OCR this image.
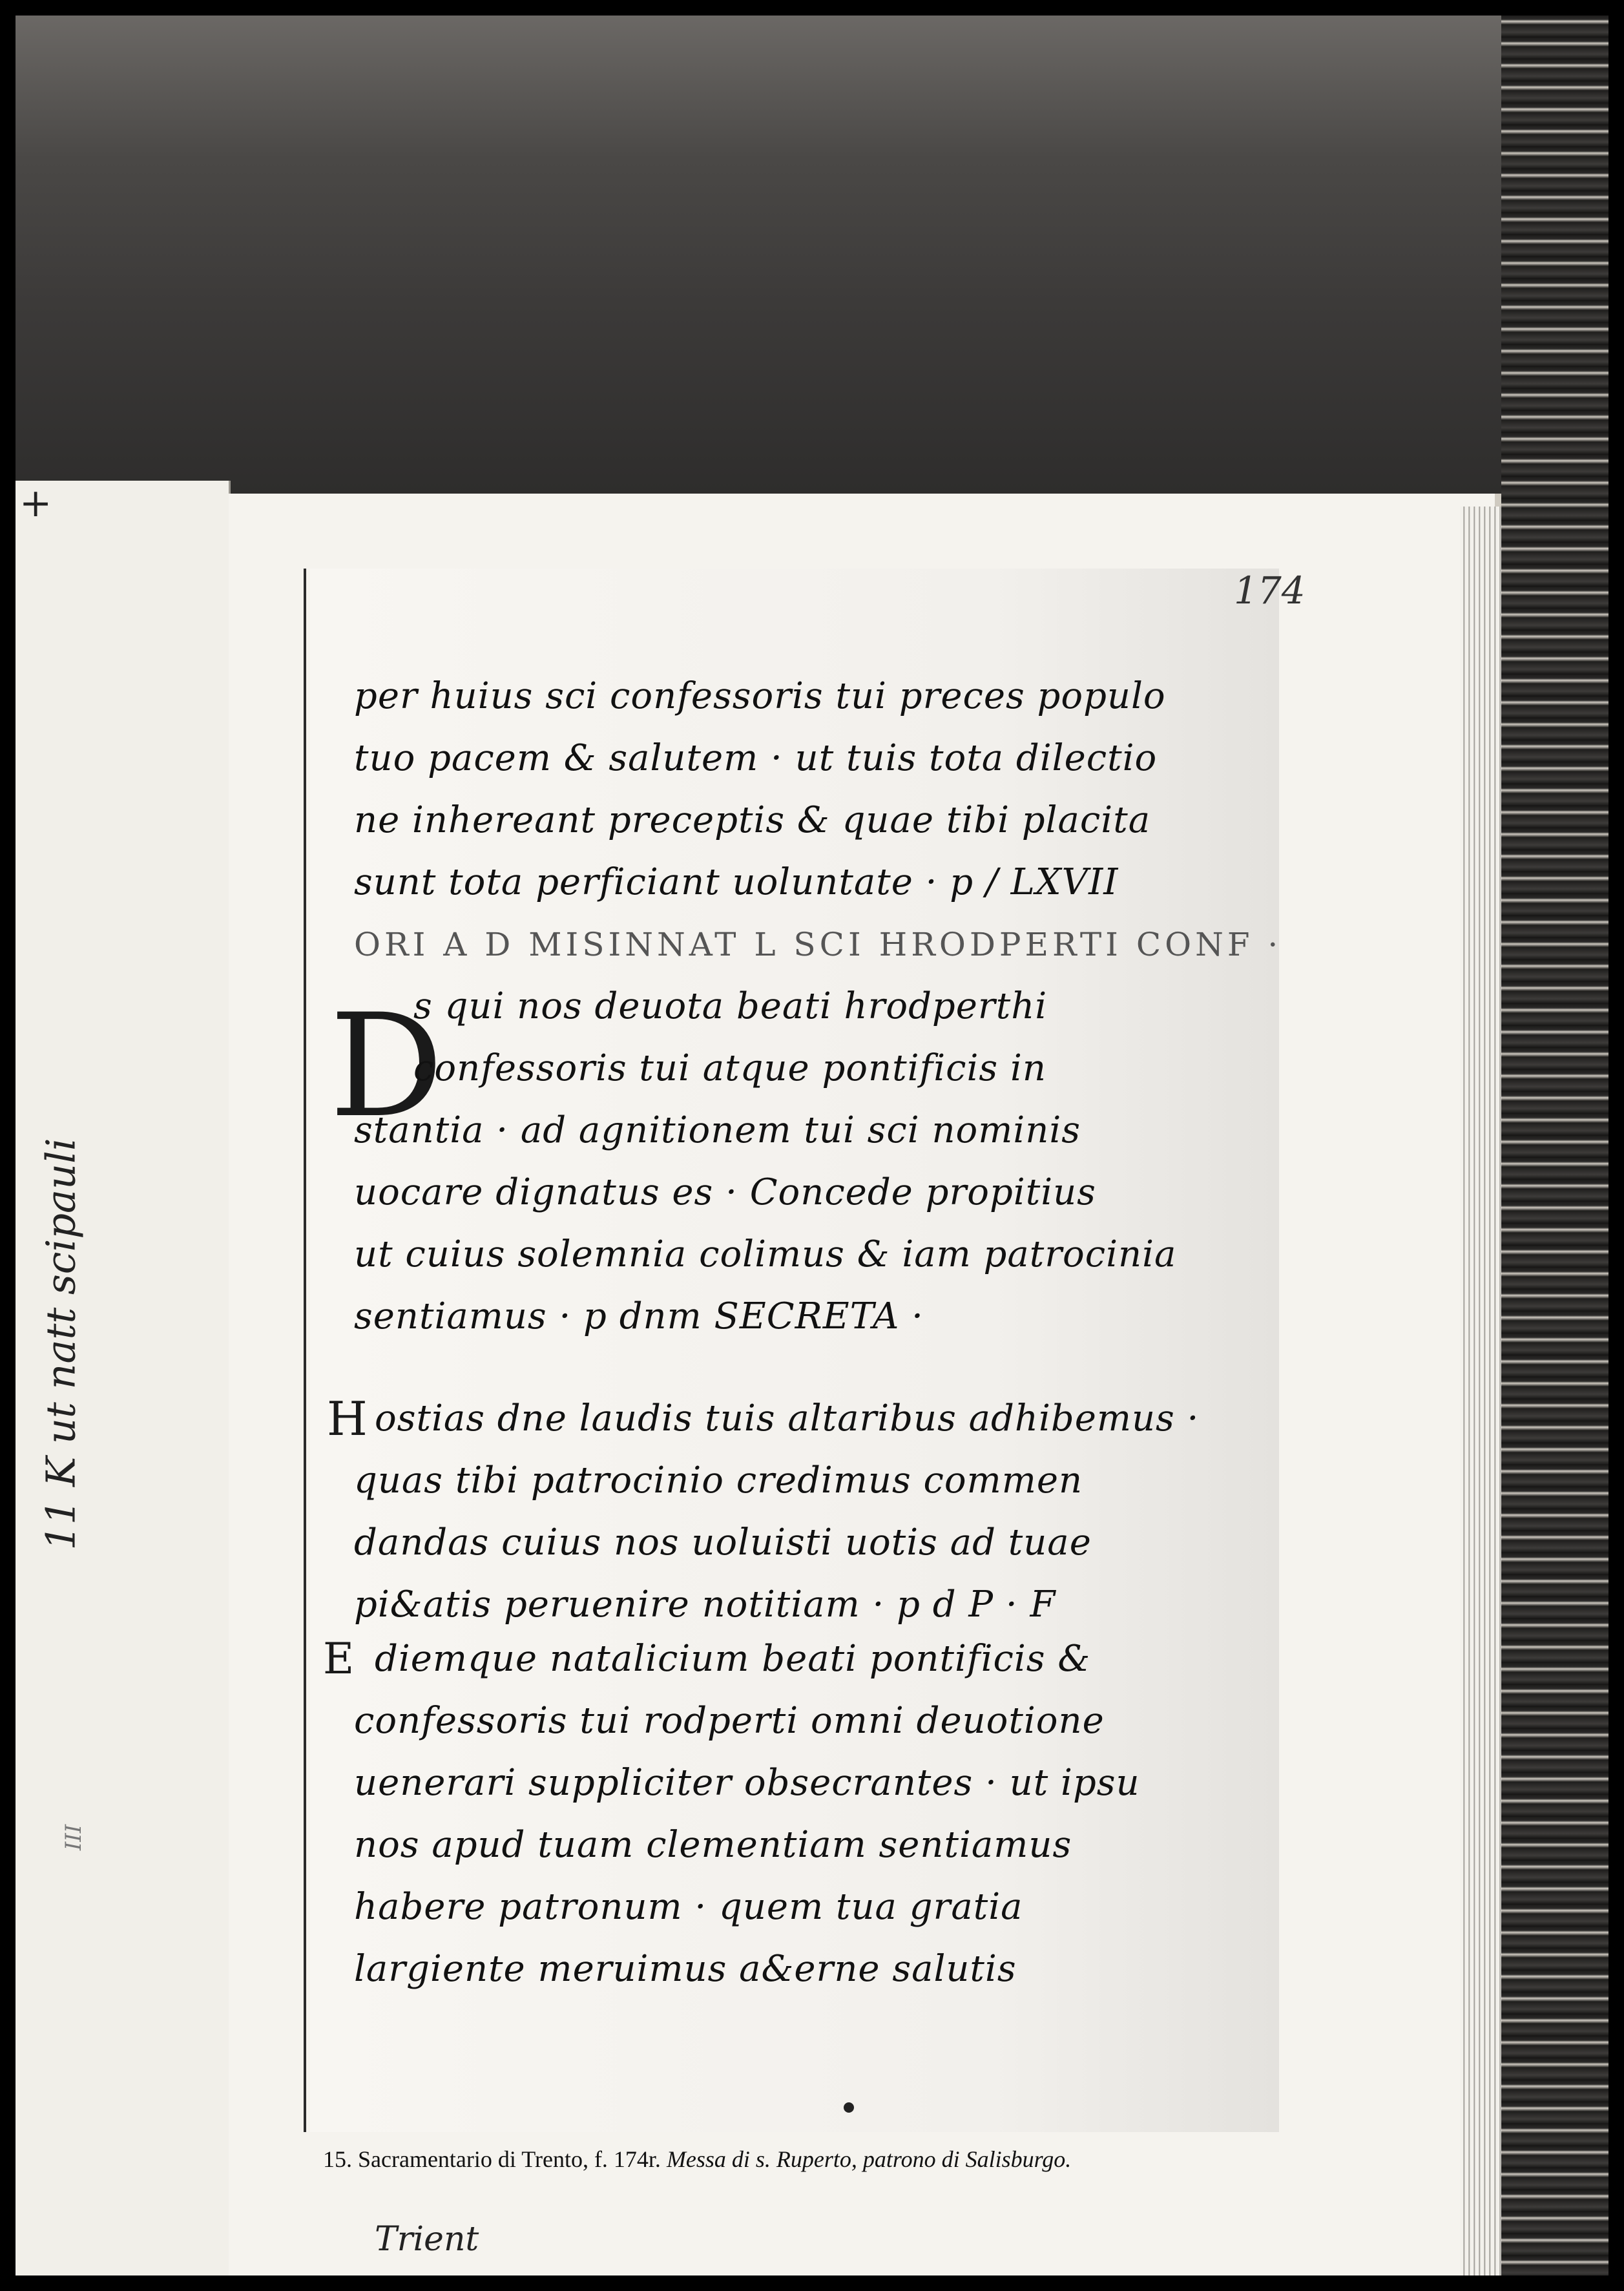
+
11 K ut natt scipauli
III
174
D
H
E
per huius sci confessoris tui preces populo
tuo pacem & salutem · ut tuis tota dilectio
ne inhereant preceptis & quae tibi placita
sunt tota perficiant uoluntate · p / LXVII
ORI A D MISINNAT L SCI HRODPERTI CONF ·
s qui nos deuota beati hrodperthi
confessoris tui atque pontificis in
stantia · ad agnitionem tui sci nominis
uocare dignatus es · Concede propitius
ut cuius solemnia colimus & iam patrocinia
sentiamus · p dnm SECRETA ·
ostias dne laudis tuis altaribus adhibemus ·
quas tibi patrocinio credimus commen
dandas cuius nos uoluisti uotis ad tuae
pi&atis peruenire notitiam · p d P · F
diemque natalicium beati pontificis &
confessoris tui rodperti omni deuotione
uenerari suppliciter obsecrantes · ut ipsu
nos apud tuam clementiam sentiamus
habere patronum · quem tua gratia
largiente meruimus a&erne salutis
15. Sacramentario di Trento, f. 174r. Messa di s. Ruperto, patrono di Salisburgo.
Trient
